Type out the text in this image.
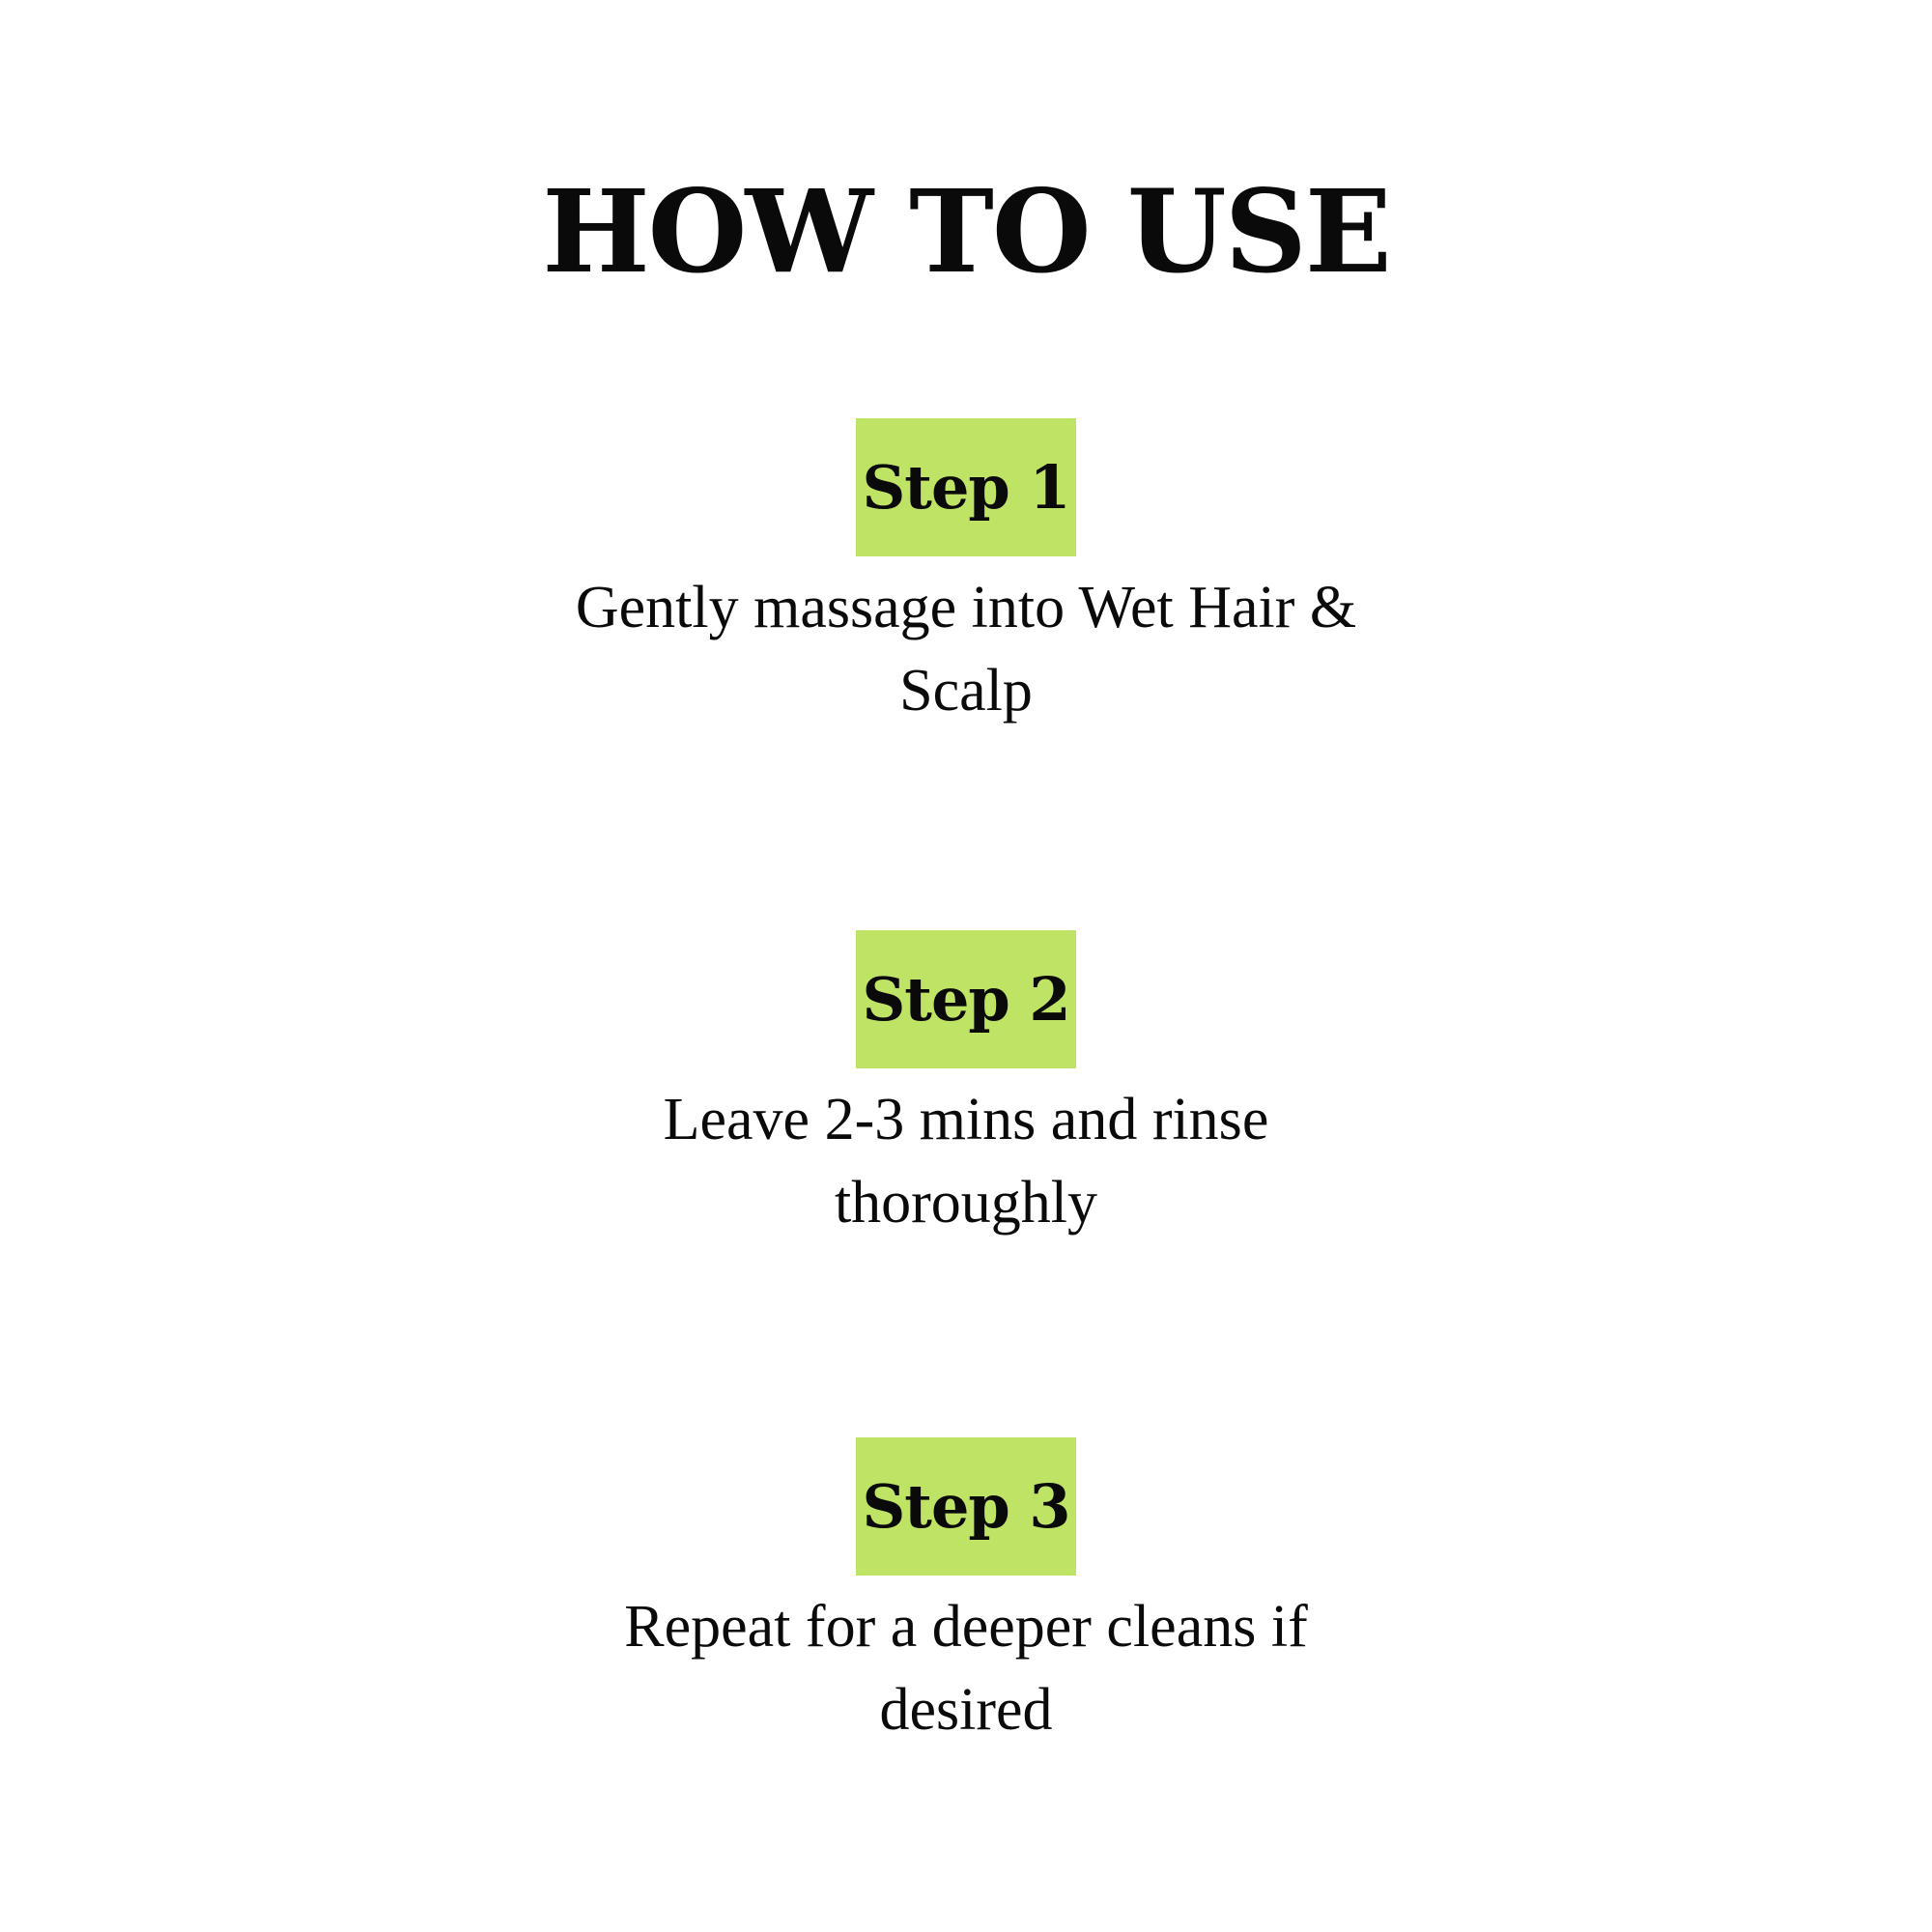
HOW TO USE
Step 1
Gently massage into Wet Hair & Scalp
Step 2
Leave 2-3 mins and rinse thoroughly
Step 3
Repeat for a deeper cleans if desired
